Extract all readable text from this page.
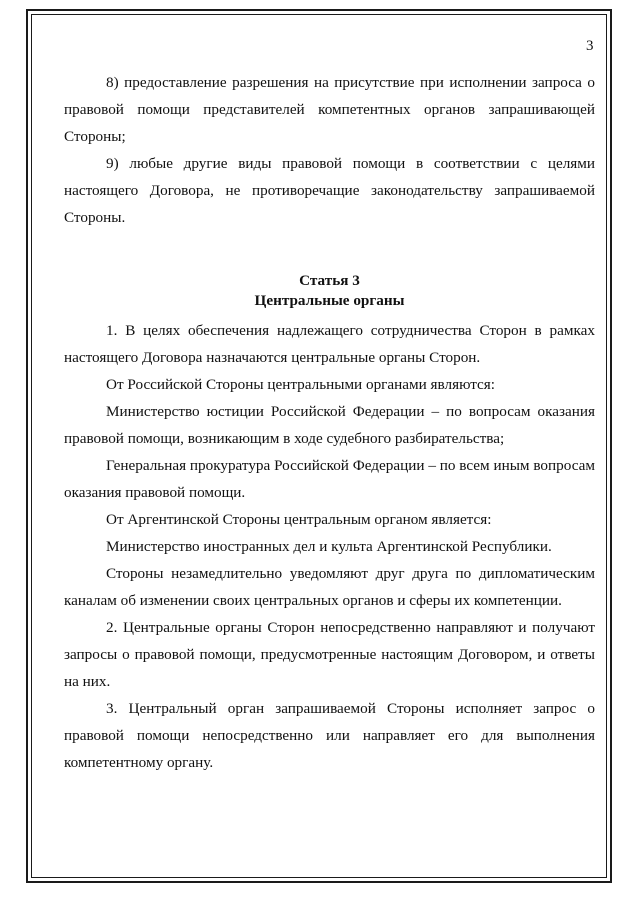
3

8) предоставление разрешения на присутствие при исполнении запроса о правовой помощи представителей компетентных органов запрашивающей Стороны;

9) любые другие виды правовой помощи в соответствии с целями настоящего Договора, не противоречащие законодательству запрашиваемой Стороны.

Статья 3

Центральные органы

1. В целях обеспечения надлежащего сотрудничества Сторон в рамках настоящего Договора назначаются центральные органы Сторон.

От Российской Стороны центральными органами являются:

Министерство юстиции Российской Федерации – по вопросам оказания правовой помощи, возникающим в ходе судебного разбирательства;

Генеральная прокуратура Российской Федерации – по всем иным вопросам оказания правовой помощи.

От Аргентинской Стороны центральным органом является:

Министерство иностранных дел и культа Аргентинской Республики.

Стороны незамедлительно уведомляют друг друга по дипломатическим каналам об изменении своих центральных органов и сферы их компетенции.

2. Центральные органы Сторон непосредственно направляют и получают запросы о правовой помощи, предусмотренные настоящим Договором, и ответы на них.

3. Центральный орган запрашиваемой Стороны исполняет запрос о правовой помощи непосредственно или направляет его для выполнения компетентному органу.
